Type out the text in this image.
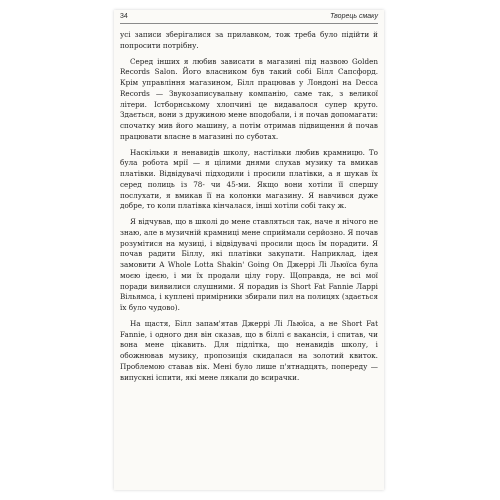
34	Творець смаку

усі записи зберігалися за прилавком, тож треба було підійти й попросити потрібну.

Серед інших я любив зависати в магазині під назвою Golden Records Salon. Його власником був такий собі Білл Сапсфорд. Крім управління магазином, Білл працював у Лондоні на Decca Records — Звукозаписувальну компанію, саме так, з великої літери. Істборнському хлопчині це видавалося супер круто. Здається, вони з дружиною мене вподобали, і я почав допомагати: спочатку мив його машину, а потім отримав підвищення й почав працювати власне в магазині по суботах.

Наскільки я ненавидів школу, настільки любив крамницю. То була робота мрії — я цілими днями слухав музику та вмикав платівки. Відвідувачі підходили і просили платівки, а я шукав їх серед полиць із 78- чи 45-ми. Якщо вони хотіли її спершу послухати, я вмикав її на колонки магазину. Я навчився дуже добре, то коли платівка кінчалася, інші хотіли собі таку ж.

Я відчував, що в школі до мене ставляться так, наче я нічого не знаю, але в музичній крамниці мене сприймали серйозно. Я почав розумітися на музиці, і відвідувачі просили щось їм порадити. Я почав радити Біллу, які платівки закупати. Наприклад, ідея замовити A Whole Lotta Shakin' Going On Джеррі Лі Льюїса була моєю ідеєю, і ми їх продали цілу гору. Щоправда, не всі мої поради виявилися слушними. Я порадив із Short Fat Fannie Ларрі Вільямса, і куплені примірники збирали пил на полицях (здається їх було чудово).

На щастя, Білл запам'ятав Джеррі Лі Льюїса, а не Short Fat Fannie, і одного дня він сказав, що в біллі є вакансія, і спитав, чи вона мене цікавить. Для підлітка, що ненавидів школу, і обожнював музику, пропозиція скидалася на золотий квиток. Проблемою ставав вік. Мені було лише п'ятнадцять, попереду — випускні іспити, які мене лякали до всирачки.
